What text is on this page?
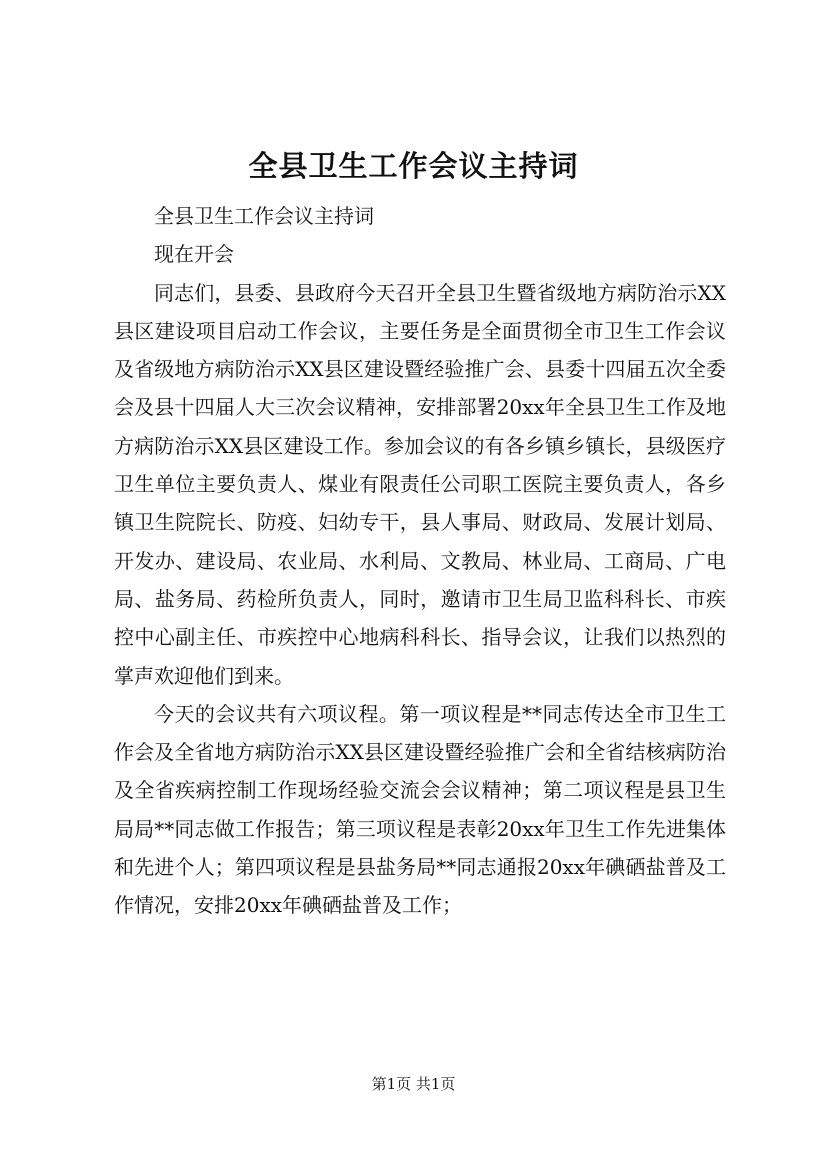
全县卫生工作会议主持词

全县卫生工作会议主持词

现在开会

同志们，县委、县政府今天召开全县卫生暨省级地方病防治示XX县区建设项目启动工作会议，主要任务是全面贯彻全市卫生工作会议及省级地方病防治示XX县区建设暨经验推广会、县委十四届五次全委会及县十四届人大三次会议精神，安排部署20xx年全县卫生工作及地方病防治示XX县区建设工作。参加会议的有各乡镇乡镇长，县级医疗卫生单位主要负责人、煤业有限责任公司职工医院主要负责人，各乡镇卫生院院长、防疫、妇幼专干，县人事局、财政局、发展计划局、开发办、建设局、农业局、水利局、文教局、林业局、工商局、广电局、盐务局、药检所负责人，同时，邀请市卫生局卫监科科长、市疾控中心副主任、市疾控中心地病科科长、指导会议，让我们以热烈的掌声欢迎他们到来。

今天的会议共有六项议程。第一项议程是**同志传达全市卫生工作会及全省地方病防治示XX县区建设暨经验推广会和全省结核病防治及全省疾病控制工作现场经验交流会会议精神；第二项议程是县卫生局局**同志做工作报告；第三项议程是表彰20xx年卫生工作先进集体和先进个人；第四项议程是县盐务局**同志通报20xx年碘硒盐普及工作情况，安排20xx年碘硒盐普及工作；

第1页 共1页
